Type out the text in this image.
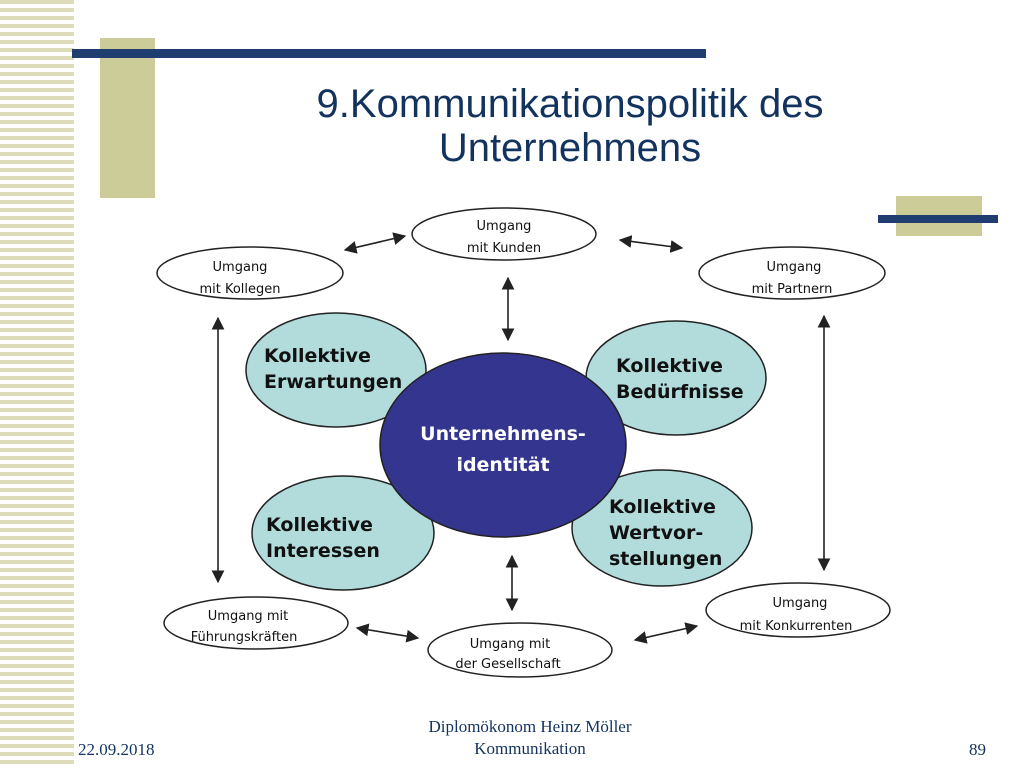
9.Kommunikationspolitik des
Unternehmens
Umgang
mit Kunden
Umgang
mit Kollegen
Umgang
mit Partnern
Umgang mit
Führungskräften	Umgang mit
der Gesellschaft
Umgang
mit Konkurrenten
Kollektive
Erwartungen
Kollektive
Bedürfnisse
Kollektive
Interessen
Kollektive
Wertvor-
stellungen
Unternehmens-
identität
22.09.2018
Diplomökonom Heinz Möller
Kommunikation	89
